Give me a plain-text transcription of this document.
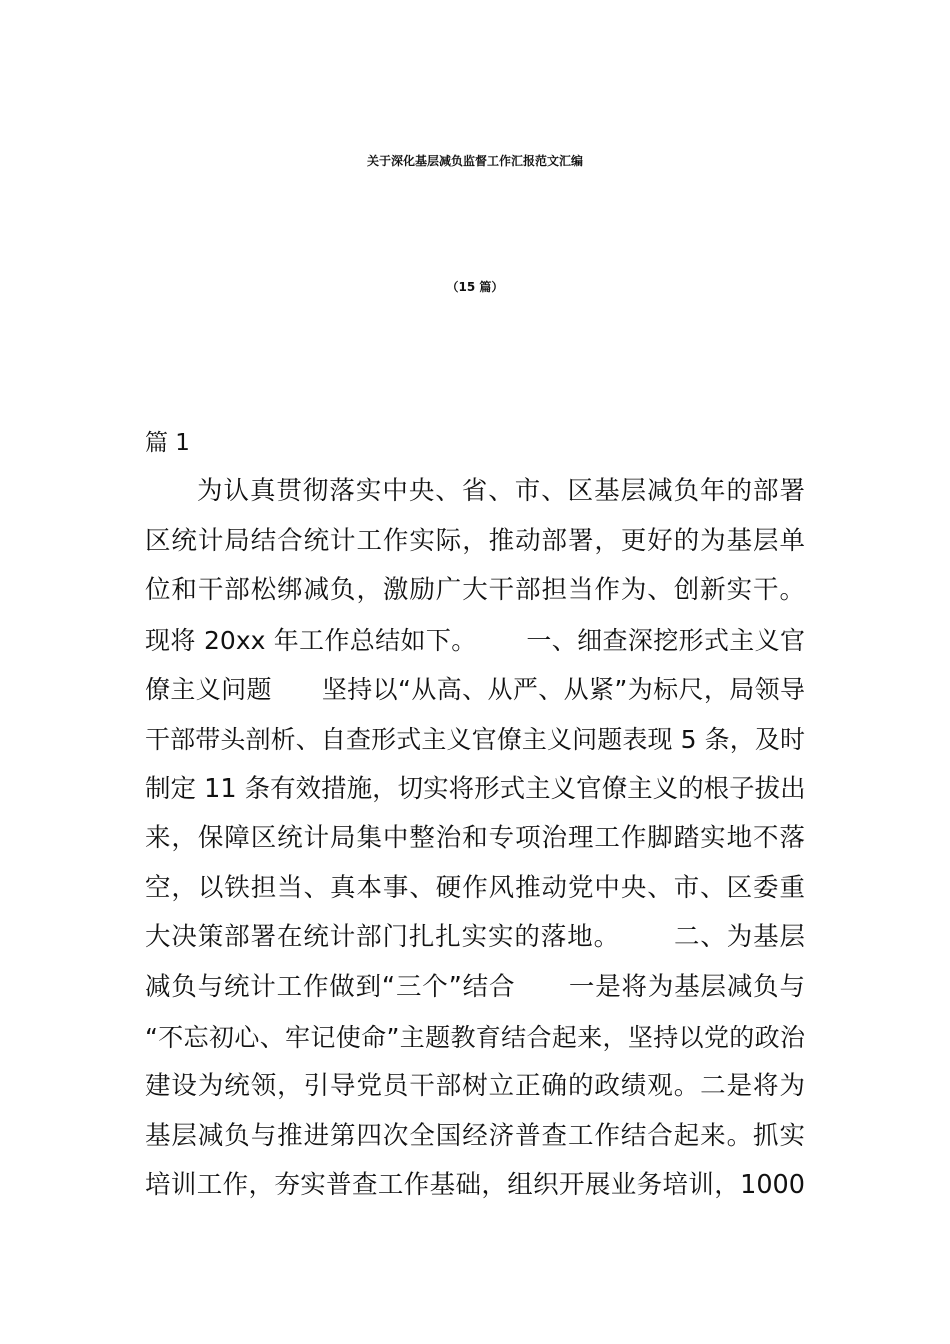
关于深化基层减负监督工作汇报范文汇编
（15 篇）
篇 1
为认真贯彻落实中央、省、市、区基层减负年的部署
区统计局结合统计工作实际，推动部署，更好的为基层单
位和干部松绑减负，激励广大干部担当作为、创新实干。
现将 20xx 年工作总结如下。      一、细查深挖形式主义官
僚主义问题      坚持以“从高、从严、从紧”为标尺，局领导
干部带头剖析、自查形式主义官僚主义问题表现 5 条，及时
制定 11 条有效措施，切实将形式主义官僚主义的根子拔出
来，保障区统计局集中整治和专项治理工作脚踏实地不落
空，以铁担当、真本事、硬作风推动党中央、市、区委重
大决策部署在统计部门扎扎实实的落地。      二、为基层
减负与统计工作做到“三个”结合      一是将为基层减负与
“不忘初心、牢记使命”主题教育结合起来，坚持以党的政治
建设为统领，引导党员干部树立正确的政绩观。二是将为
基层减负与推进第四次全国经济普查工作结合起来。抓实
培训工作，夯实普查工作基础，组织开展业务培训，1000
